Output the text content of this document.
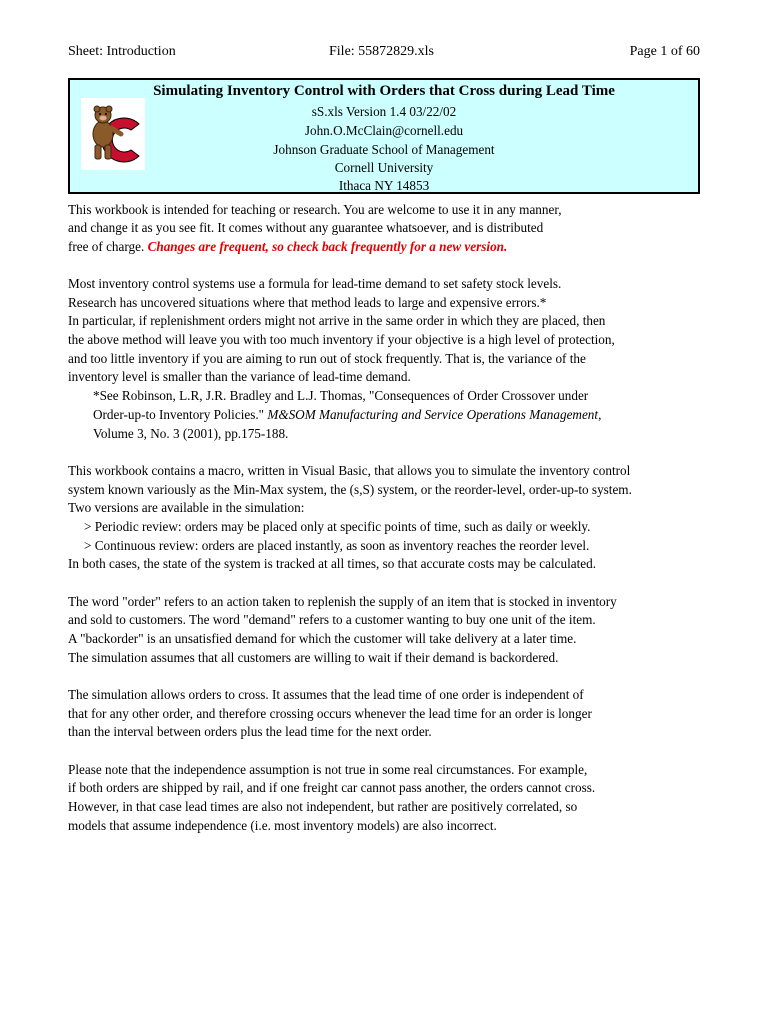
Sheet: Introduction	File: 55872829.xls	Page 1 of 60
Simulating Inventory Control with Orders that Cross during Lead Time
sS.xls Version 1.4 03/22/02
John.O.McClain@cornell.edu
Johnson Graduate School of Management
Cornell University
Ithaca NY 14853
This workbook is intended for teaching or research. You are welcome to use it in any manner,
and change it as you see fit. It comes without any guarantee whatsoever, and is distributed
free of charge. Changes are frequent, so check back frequently for a new version.
Most inventory control systems use a formula for lead-time demand to set safety stock levels.
Research has uncovered situations where that method leads to large and expensive errors.*
In particular, if replenishment orders might not arrive in the same order in which they are placed, then
the above method will leave you with too much inventory if your objective is a high level of protection,
and too little inventory if you are aiming to run out of stock frequently. That is, the variance of the
inventory level is smaller than the variance of lead-time demand.
*See Robinson, L.R, J.R. Bradley and L.J. Thomas, "Consequences of Order Crossover under
Order-up-to Inventory Policies." M&SOM Manufacturing and Service Operations Management,
Volume 3, No. 3 (2001), pp.175-188.
This workbook contains a macro, written in Visual Basic, that allows you to simulate the inventory control
system known variously as the Min-Max system, the (s,S) system, or the reorder-level, order-up-to system.
Two versions are available in the simulation:
> Periodic review: orders may be placed only at specific points of time, such as daily or weekly.
> Continuous review: orders are placed instantly, as soon as inventory reaches the reorder level.
In both cases, the state of the system is tracked at all times, so that accurate costs may be calculated.
The word "order" refers to an action taken to replenish the supply of an item that is stocked in inventory
and sold to customers. The word "demand" refers to a customer wanting to buy one unit of the item.
A "backorder" is an unsatisfied demand for which the customer will take delivery at a later time.
The simulation assumes that all customers are willing to wait if their demand is backordered.
The simulation allows orders to cross. It assumes that the lead time of one order is independent of
that for any other order, and therefore crossing occurs whenever the lead time for an order is longer
than the interval between orders plus the lead time for the next order.
Please note that the independence assumption is not true in some real circumstances. For example,
if both orders are shipped by rail, and if one freight car cannot pass another, the orders cannot cross.
However, in that case lead times are also not independent, but rather are positively correlated, so
models that assume independence (i.e. most inventory models) are also incorrect.
